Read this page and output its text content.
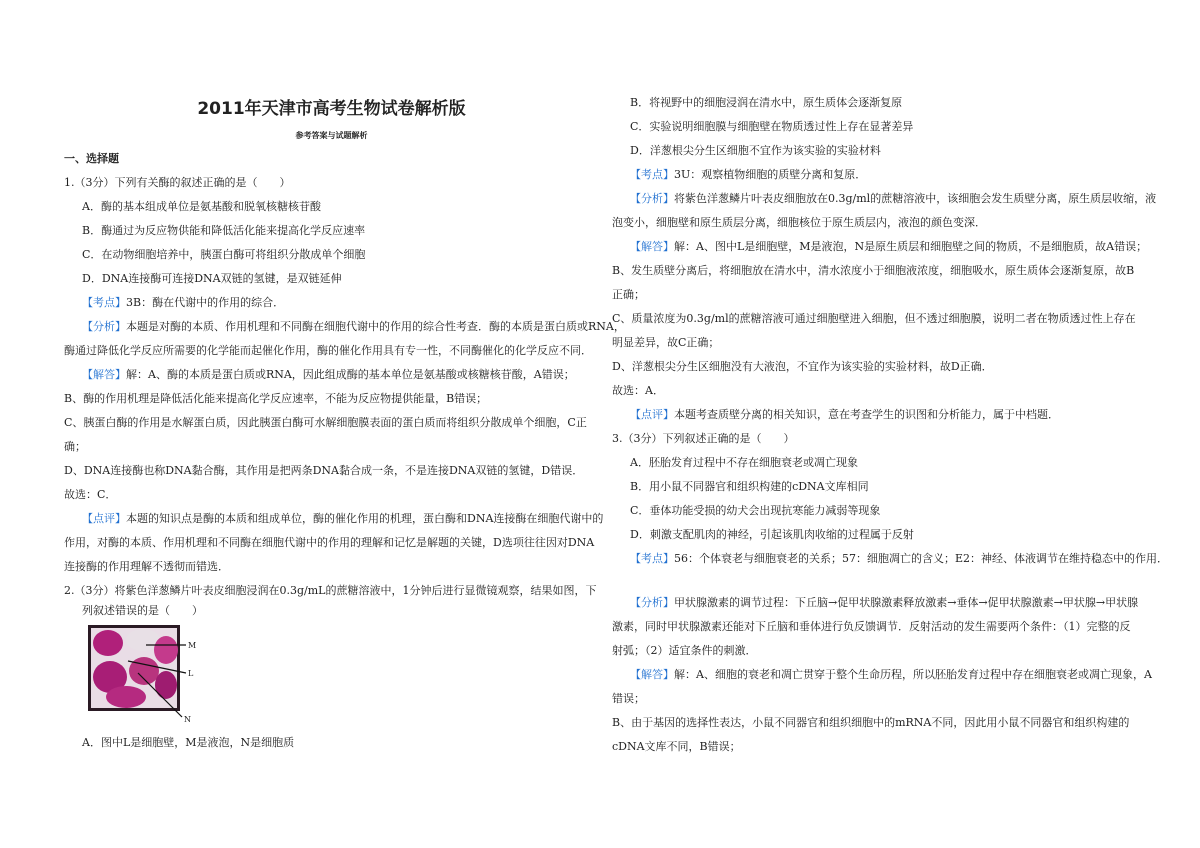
2011年天津市高考生物试卷解析版
参考答案与试题解析
一、选择题
1.（3分）下列有关酶的叙述正确的是（　　）
A．酶的基本组成单位是氨基酸和脱氧核糖核苷酸
B．酶通过为反应物供能和降低活化能来提高化学反应速率
C．在动物细胞培养中，胰蛋白酶可将组织分散成单个细胞
D．DNA连接酶可连接DNA双链的氢键，是双链延伸
【考点】3B：酶在代谢中的作用的综合．
【分析】本题是对酶的本质、作用机理和不同酶在细胞代谢中的作用的综合性考查．酶的本质是蛋白质或RNA，
酶通过降低化学反应所需要的化学能而起催化作用，酶的催化作用具有专一性，不同酶催化的化学反应不同．
【解答】解：A、酶的本质是蛋白质或RNA，因此组成酶的基本单位是氨基酸或核糖核苷酸，A错误；
B、酶的作用机理是降低活化能来提高化学反应速率，不能为反应物提供能量，B错误；
C、胰蛋白酶的作用是水解蛋白质，因此胰蛋白酶可水解细胞膜表面的蛋白质而将组织分散成单个细胞，C正
确；
D、DNA连接酶也称DNA黏合酶，其作用是把两条DNA黏合成一条，不是连接DNA双链的氢键，D错误．
故选：C．
【点评】本题的知识点是酶的本质和组成单位，酶的催化作用的机理，蛋白酶和DNA连接酶在细胞代谢中的
作用，对酶的本质、作用机理和不同酶在细胞代谢中的作用的理解和记忆是解题的关键，D选项往往因对DNA
连接酶的作用理解不透彻而错选．
2.（3分）将紫色洋葱鳞片叶表皮细胞浸润在0.3g/mL的蔗糖溶液中，1分钟后进行显微镜观察，结果如图，下
列叙述错误的是（　　）
M
L
N
A．图中L是细胞壁，M是液泡，N是细胞质
B．将视野中的细胞浸润在清水中，原生质体会逐渐复原
C．实验说明细胞膜与细胞壁在物质透过性上存在显著差异
D．洋葱根尖分生区细胞不宜作为该实验的实验材料
【考点】3U：观察植物细胞的质壁分离和复原．
【分析】将紫色洋葱鳞片叶表皮细胞放在0.3g/ml的蔗糖溶液中，该细胞会发生质壁分离，原生质层收缩，液
泡变小，细胞壁和原生质层分离，细胞核位于原生质层内，液泡的颜色变深．
【解答】解：A、图中L是细胞壁，M是液泡，N是原生质层和细胞壁之间的物质，不是细胞质，故A错误；
B、发生质壁分离后，将细胞放在清水中，清水浓度小于细胞液浓度，细胞吸水，原生质体会逐渐复原，故B
正确；
C、质量浓度为0.3g/ml的蔗糖溶液可通过细胞壁进入细胞，但不透过细胞膜，说明二者在物质透过性上存在
明显差异，故C正确；
D、洋葱根尖分生区细胞没有大液泡，不宜作为该实验的实验材料，故D正确．
故选：A．
【点评】本题考查质壁分离的相关知识，意在考查学生的识图和分析能力，属于中档题．
3.（3分）下列叙述正确的是（　　）
A．胚胎发育过程中不存在细胞衰老或凋亡现象
B．用小鼠不同器官和组织构建的cDNA文库相同
C．垂体功能受损的幼犬会出现抗寒能力减弱等现象
D．刺激支配肌肉的神经，引起该肌肉收缩的过程属于反射
【考点】56：个体衰老与细胞衰老的关系；57：细胞凋亡的含义；E2：神经、体液调节在维持稳态中的作用．
【分析】甲状腺激素的调节过程：下丘脑→促甲状腺激素释放激素→垂体→促甲状腺激素→甲状腺→甲状腺
激素，同时甲状腺激素还能对下丘脑和垂体进行负反馈调节．反射活动的发生需要两个条件：（1）完整的反
射弧；（2）适宜条件的刺激．
【解答】解：A、细胞的衰老和凋亡贯穿于整个生命历程，所以胚胎发育过程中存在细胞衰老或凋亡现象，A
错误；
B、由于基因的选择性表达，小鼠不同器官和组织细胞中的mRNA不同，因此用小鼠不同器官和组织构建的
cDNA文库不同，B错误；
